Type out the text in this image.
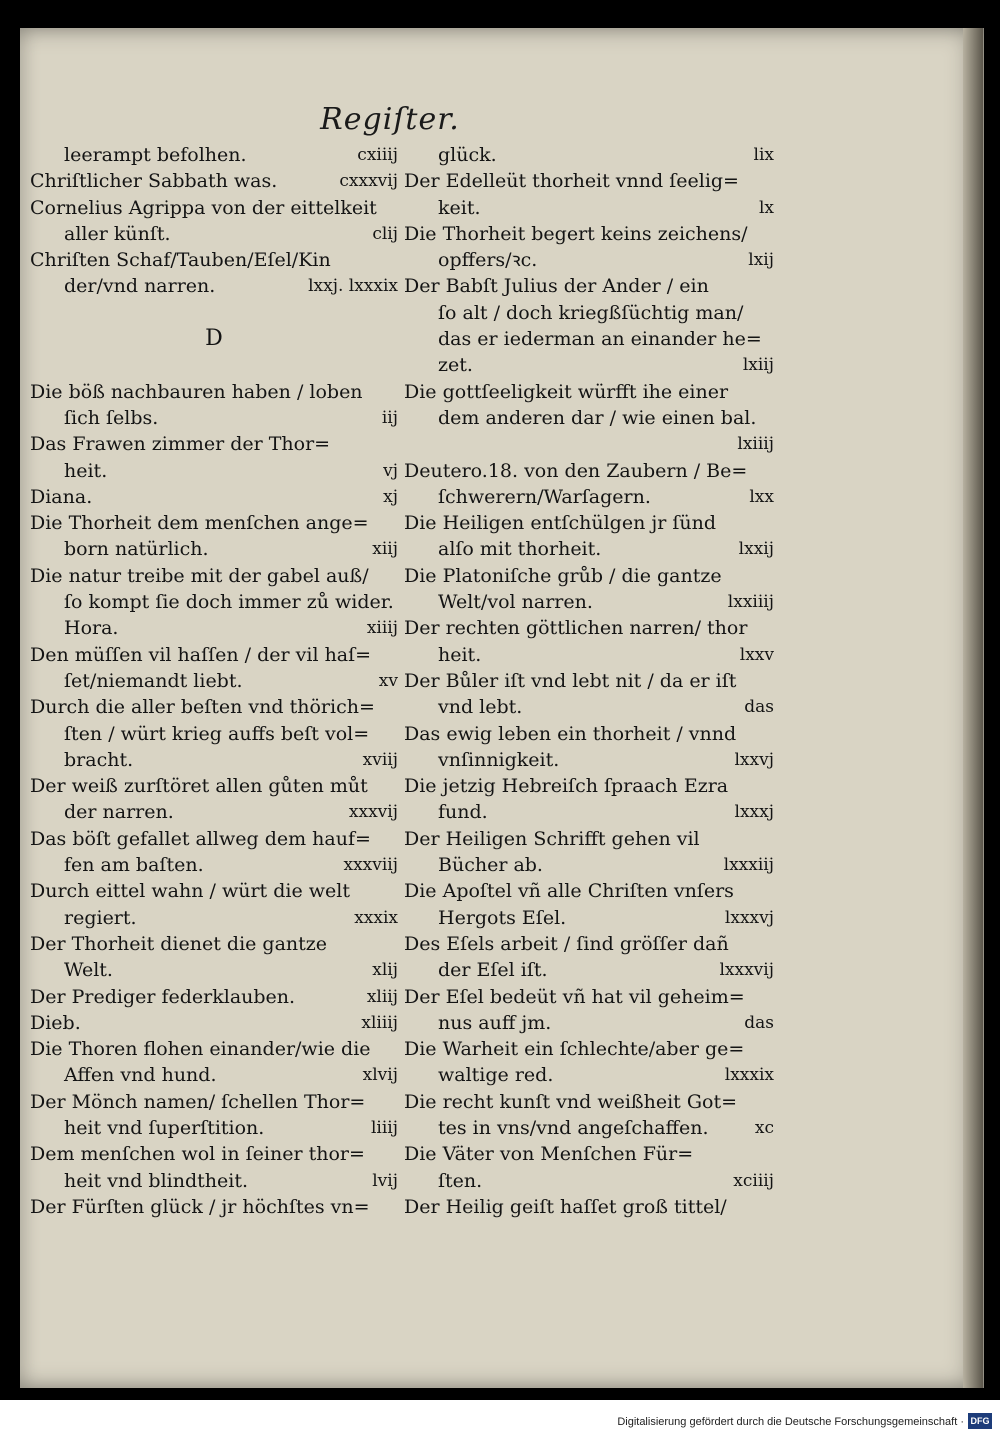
Regiſter.
leerampt befolhen.	cxiiij
Chriſtlicher Sabbath was.	cxxxvij
Cornelius Agrippa von der eittelkeit
aller künſt.	clij
Chriſten Schaf/Tauben/Eſel/Kin
der/vnd narren.	lxxj. lxxxix
D
Die böß nachbauren haben / loben
ſich ſelbs.	iij
Das Frawen zimmer der Thor=
heit.	vj
Diana.	xj
Die Thorheit dem menſchen ange=
born natürlich.	xiij
Die natur treibe mit der gabel auß/
ſo kompt ſie doch immer zů wider.
Hora.	xiiij
Den müſſen vil haſſen / der vil haſ=
ſet/niemandt liebt.	xv
Durch die aller beſten vnd thörich=
ſten / würt krieg auffs beſt vol=
bracht.	xviij
Der weiß zurſtöret allen gůten můt
der narren.	xxxvij
Das böſt gefallet allweg dem hauf=
fen am baſten.	xxxviij
Durch eittel wahn / würt die welt
regiert.	xxxix
Der Thorheit dienet die gantze
Welt.	xlij
Der Prediger federklauben.	xliij
Dieb.	xliiij
Die Thoren flohen einander/wie die
Affen vnd hund.	xlvij
Der Mönch namen/ ſchellen Thor=
heit vnd ſuperſtition.	liiij
Dem menſchen wol in ſeiner thor=
heit vnd blindtheit.	lvij
Der Fürſten glück / jr höchſtes vn=
glück.	lix
Der Edelleüt thorheit vnnd ſeelig=
keit.	lx
Die Thorheit begert keins zeichens/
opffers/ꝛc.	lxij
Der Babſt Julius der Ander / ein
ſo alt / doch kriegßſüchtig man/
das er iederman an einander he=
zet.	lxiij
Die gottſeeligkeit würfft ihe einer
dem anderen dar / wie einen bal.
lxiiij
Deutero.18. von den Zaubern / Be=
ſchwerern/Warſagern.	lxx
Die Heiligen entſchülgen jr ſünd
alſo mit thorheit.	lxxij
Die Platoniſche grůb / die gantze
Welt/vol narren.	lxxiiij
Der rechten göttlichen narren/ thor
heit.	lxxv
Der Bůler iſt vnd lebt nit / da er iſt
vnd lebt.	das
Das ewig leben ein thorheit / vnnd
vnſinnigkeit.	lxxvj
Die jetzig Hebreiſch ſpraach Ezra
fund.	lxxxj
Der Heiligen Schrifft gehen vil
Bücher ab.	lxxxiij
Die Apoſtel vñ alle Chriſten vnſers
Hergots Eſel.	lxxxvj
Des Eſels arbeit / ſind gröſſer dañ
der Eſel iſt.	lxxxvij
Der Eſel bedeüt vñ hat vil geheim=
nus auff jm.	das
Die Warheit ein ſchlechte/aber ge=
waltige red.	lxxxix
Die recht kunſt vnd weißheit Got=
tes in vns/vnd angeſchaffen.	xc
Die Väter von Menſchen Für=
ſten.	xciiij
Der Heilig geiſt haſſet groß tittel/
Digitalisierung gefördert durch die Deutsche Forschungsgemeinschaft · DFG
